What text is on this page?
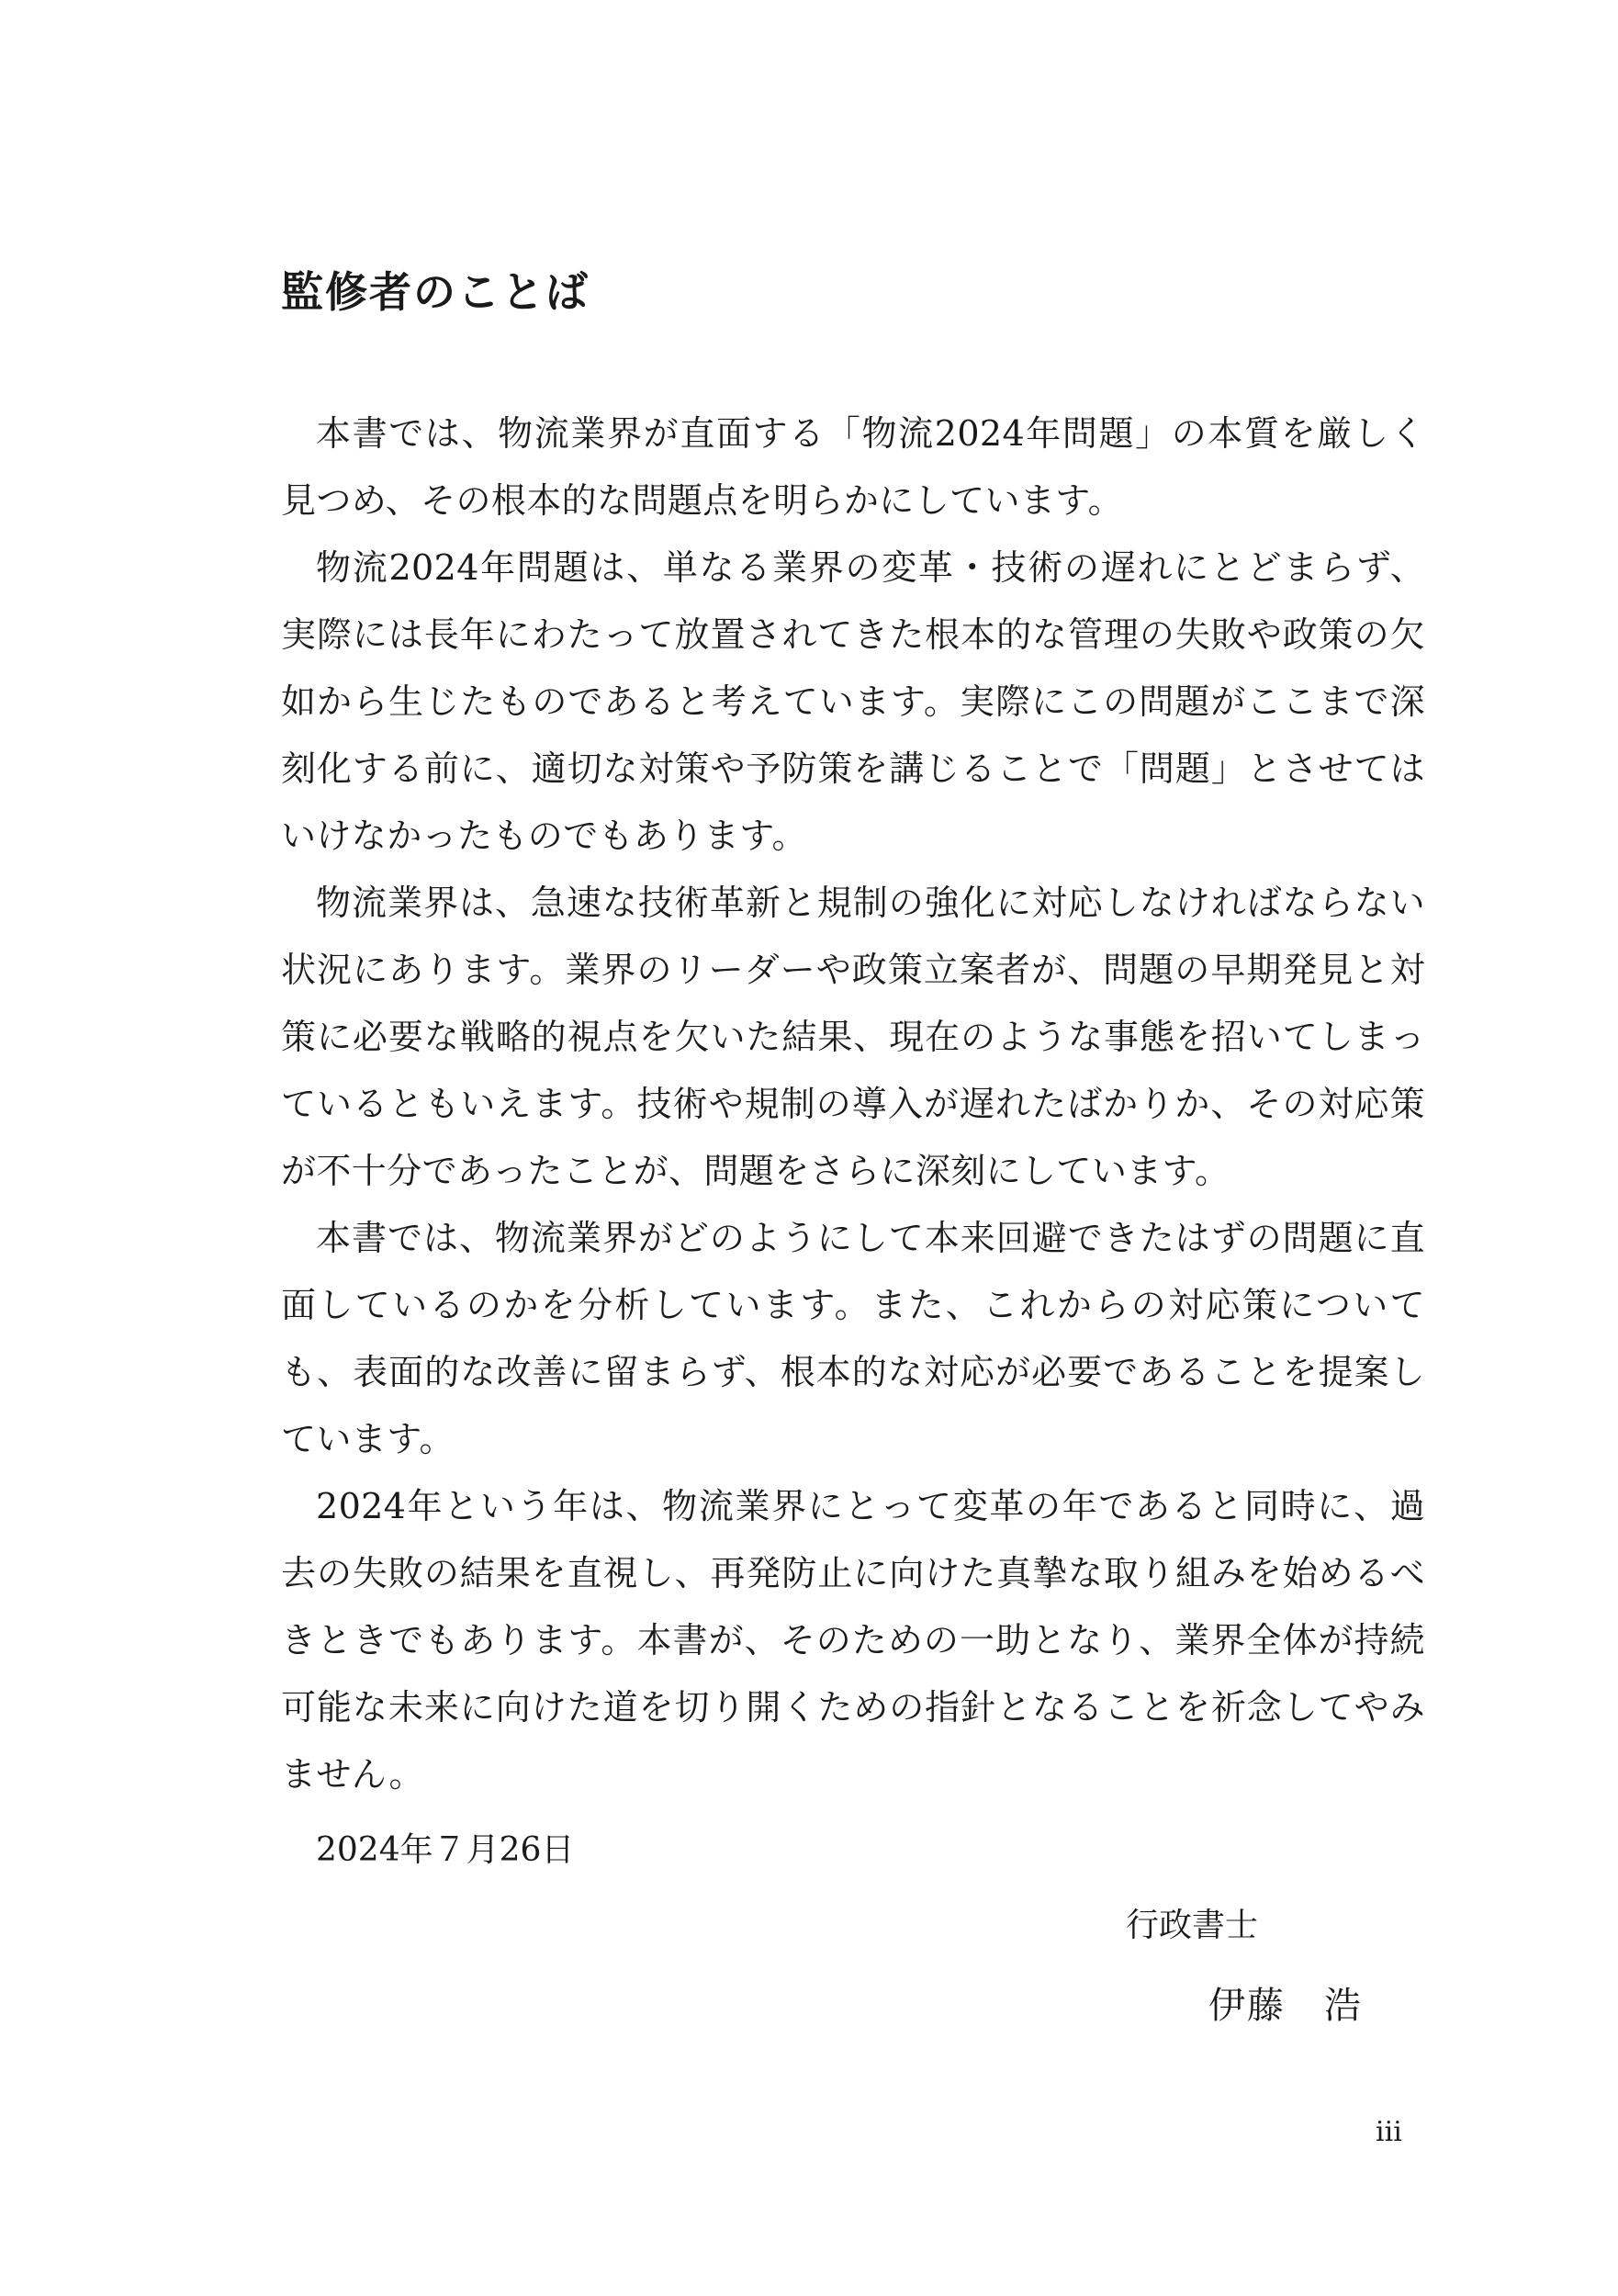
監修者のことば

本書では、物流業界が直面する「物流2024年問題」の本質を厳しく見つめ、その根本的な問題点を明らかにしています。

物流2024年問題は、単なる業界の変革・技術の遅れにとどまらず、実際には長年にわたって放置されてきた根本的な管理の失敗や政策の欠如から生じたものであると考えています。実際にこの問題がここまで深刻化する前に、適切な対策や予防策を講じることで「問題」とさせてはいけなかったものでもあります。

物流業界は、急速な技術革新と規制の強化に対応しなければならない状況にあります。業界のリーダーや政策立案者が、問題の早期発見と対策に必要な戦略的視点を欠いた結果、現在のような事態を招いてしまっているともいえます。技術や規制の導入が遅れたばかりか、その対応策が不十分であったことが、問題をさらに深刻にしています。

本書では、物流業界がどのようにして本来回避できたはずの問題に直面しているのかを分析しています。また、これからの対応策についても、表面的な改善に留まらず、根本的な対応が必要であることを提案しています。

2024年という年は、物流業界にとって変革の年であると同時に、過去の失敗の結果を直視し、再発防止に向けた真摯な取り組みを始めるべきときでもあります。本書が、そのための一助となり、業界全体が持続可能な未来に向けた道を切り開くための指針となることを祈念してやみません。

2024年７月26日

行政書士

伊藤　浩

iii
